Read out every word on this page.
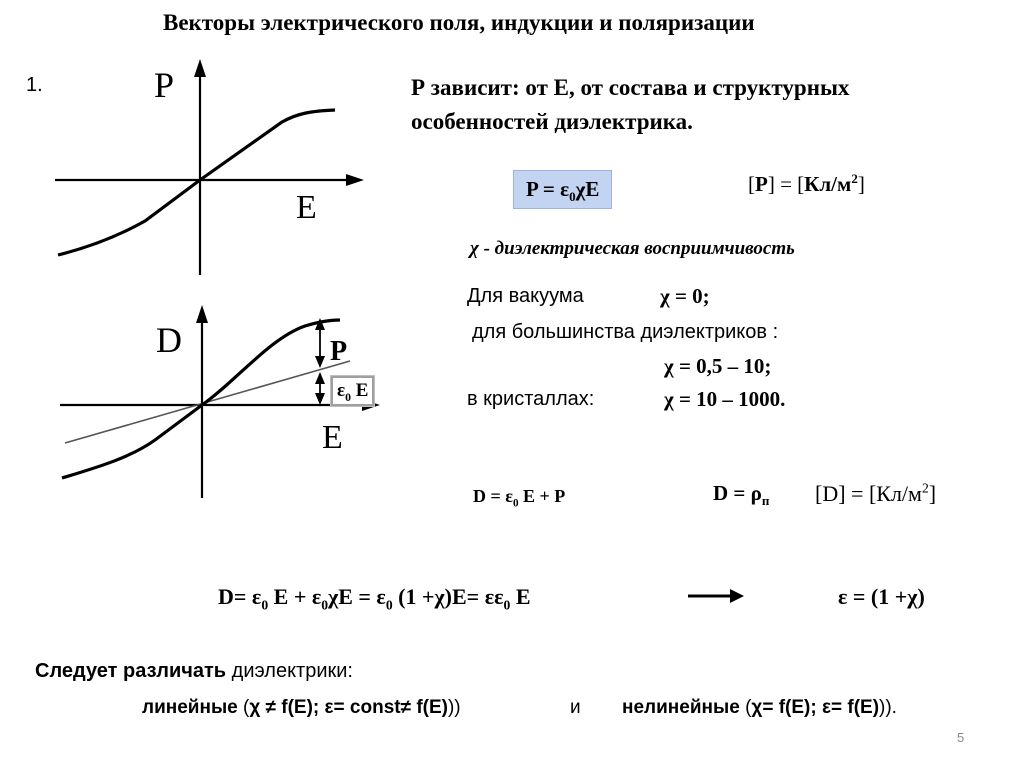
Векторы электрического поля, индукции и поляризации
1.	P
E
D
E
P
$\varepsilon_0$ E
Р зависит: от Е, от состава и структурных
особенностей диэлектрика.
$P = \varepsilon_0\chi E$	$[P] = [Кл/м^2]$
χ - диэлектрическая восприимчивость
Для вакуума	χ = 0;
для большинства диэлектриков :
χ = 0,5 – 10;
в кристаллах:	χ = 10 – 1000.
$D = \varepsilon_0$ E + P	$D = \rho_п$ $[D] = [Кл/м^2]$
$D= \varepsilon_0$ $E + \varepsilon_0\chi E = \varepsilon_0$ $(1 +\chi)E= \varepsilon\varepsilon_0$ E	ε = (1 +χ)
Следует различать диэлектрики:
линейные (χ ≠ f(E); ε= const≠ f(E)))	и нелинейные (χ= f(E); ε= f(E))).
5
